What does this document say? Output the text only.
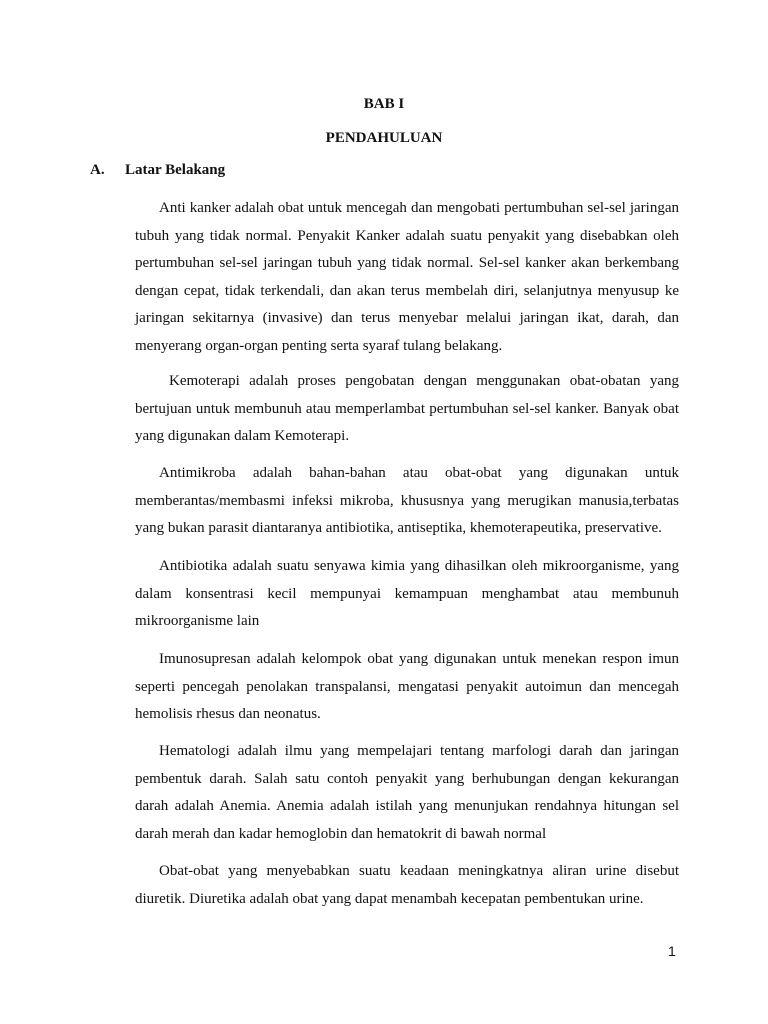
BAB I

PENDAHULUAN

A. Latar Belakang

Anti kanker adalah obat untuk mencegah dan mengobati pertumbuhan sel-sel jaringan tubuh yang tidak normal. Penyakit Kanker adalah suatu penyakit yang disebabkan oleh pertumbuhan sel-sel jaringan tubuh yang tidak normal. Sel-sel kanker akan berkembang dengan cepat, tidak terkendali, dan akan terus membelah diri, selanjutnya menyusup ke jaringan sekitarnya (invasive) dan terus menyebar melalui jaringan ikat, darah, dan menyerang organ-organ penting serta syaraf tulang belakang.

Kemoterapi adalah proses pengobatan dengan menggunakan obat-obatan yang bertujuan untuk membunuh atau memperlambat pertumbuhan sel-sel kanker. Banyak obat yang digunakan dalam Kemoterapi.

Antimikroba adalah bahan-bahan atau obat-obat yang digunakan untuk memberantas/membasmi infeksi mikroba, khususnya yang merugikan manusia,terbatas yang bukan parasit diantaranya antibiotika, antiseptika, khemoterapeutika, preservative.

Antibiotika adalah suatu senyawa kimia yang dihasilkan oleh mikroorganisme, yang dalam konsentrasi kecil mempunyai kemampuan menghambat atau membunuh mikroorganisme lain

Imunosupresan adalah kelompok obat yang digunakan untuk menekan respon imun seperti pencegah penolakan transpalansi, mengatasi penyakit autoimun dan mencegah hemolisis rhesus dan neonatus.

Hematologi adalah ilmu yang mempelajari tentang marfologi darah dan jaringan pembentuk darah. Salah satu contoh penyakit yang berhubungan dengan kekurangan darah adalah Anemia. Anemia adalah istilah yang menunjukan rendahnya hitungan sel darah merah dan kadar hemoglobin dan hematokrit di bawah normal

Obat-obat yang menyebabkan suatu keadaan meningkatnya aliran urine disebut diuretik. Diuretika adalah obat yang dapat menambah kecepatan pembentukan urine.

1
